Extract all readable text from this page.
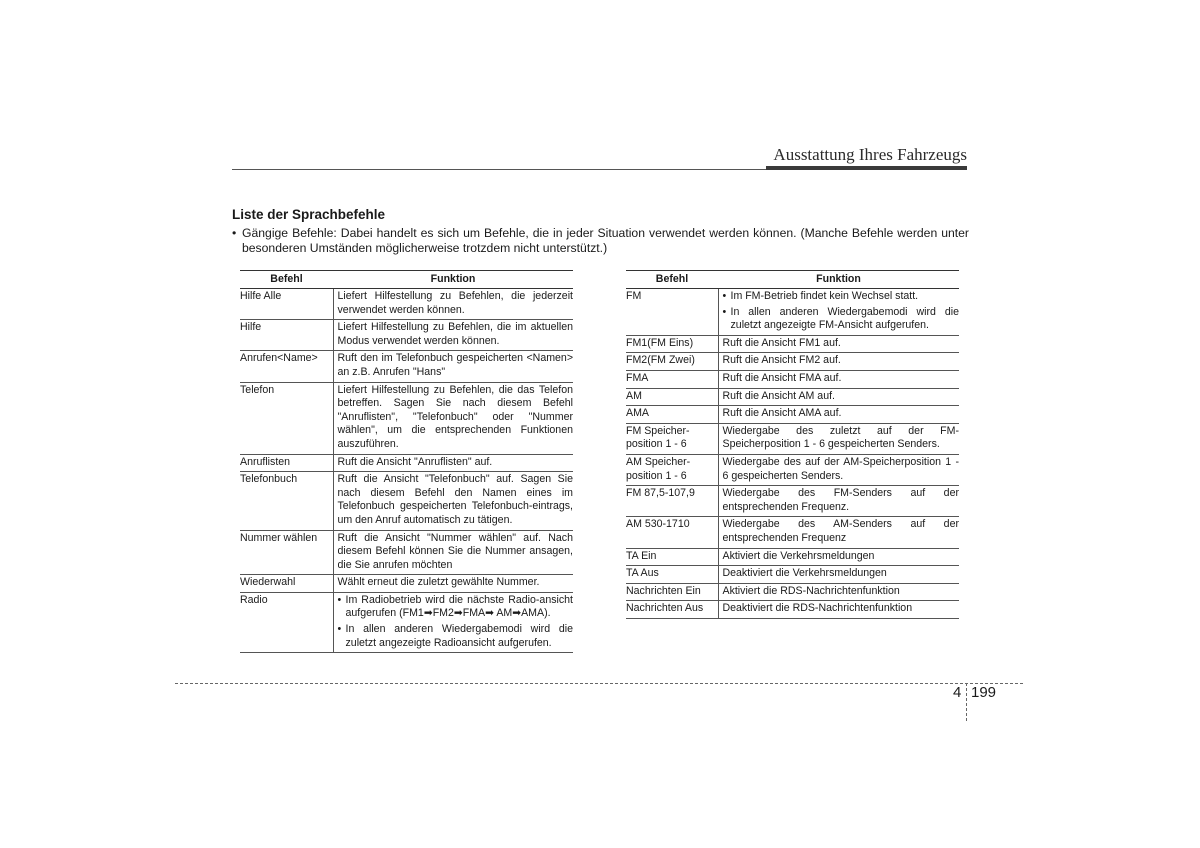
Ausstattung Ihres Fahrzeugs
Liste der Sprachbefehle
• Gängige Befehle: Dabei handelt es sich um Befehle, die in jeder Situation verwendet werden können. (Manche Befehle werden unter besonderen Umständen möglicherweise trotzdem nicht unterstützt.)
Befehl	Funktion
Hilfe Alle	Liefert Hilfestellung zu Befehlen, die jederzeit verwendet werden können.

Hilfe	Liefert Hilfestellung zu Befehlen, die im aktuellen Modus verwendet werden können.

Anrufen<Name>	Ruft den im Telefonbuch gespeicherten <Namen> an z.B. Anrufen "Hans"

Telefon	Liefert Hilfestellung zu Befehlen, die das Telefon betreffen. Sagen Sie nach diesem Befehl "Anruflisten", "Telefonbuch" oder "Nummer wählen", um die entsprechenden Funktionen auszuführen.

Anruflisten	Ruft die Ansicht "Anruflisten" auf.

Telefonbuch	Ruft die Ansicht "Telefonbuch" auf. Sagen Sie nach diesem Befehl den Namen eines im Telefonbuch gespeicherten Telefonbuch-eintrags, um den Anruf automatisch zu tätigen.

Nummer wählen	Ruft die Ansicht "Nummer wählen" auf. Nach diesem Befehl können Sie die Nummer ansagen, die Sie anrufen möchten

Wiederwahl	Wählt erneut die zuletzt gewählte Nummer.

Radio	• Im Radiobetrieb wird die nächste Radio-ansicht aufgerufen (FM1➡FM2➡FMA➡ AM➡AMA).
• In allen anderen Wiedergabemodi wird die zuletzt angezeigte Radioansicht aufgerufen.
Befehl	Funktion
FM	• Im FM-Betrieb findet kein Wechsel statt.
• In allen anderen Wiedergabemodi wird die zuletzt angezeigte FM-Ansicht aufgerufen.

FM1(FM Eins)	Ruft die Ansicht FM1 auf.

FM2(FM Zwei)	Ruft die Ansicht FM2 auf.

FMA	Ruft die Ansicht FMA auf.

AM	Ruft die Ansicht AM auf.

AMA	Ruft die Ansicht AMA auf.

FM Speicher-position 1 - 6	Wiedergabe des zuletzt auf der FM-Speicherposition 1 - 6 gespeicherten Senders.

AM Speicher-position 1 - 6	Wiedergabe des auf der AM-Speicherposition 1 - 6 gespeicherten Senders.

FM 87,5-107,9	Wiedergabe des FM-Senders auf der entsprechenden Frequenz.

AM 530-1710	Wiedergabe des AM-Senders auf der entsprechenden Frequenz

TA Ein	Aktiviert die Verkehrsmeldungen

TA Aus	Deaktiviert die Verkehrsmeldungen

Nachrichten Ein	Aktiviert die RDS-Nachrichtenfunktion

Nachrichten Aus	Deaktiviert die RDS-Nachrichtenfunktion
4 199
